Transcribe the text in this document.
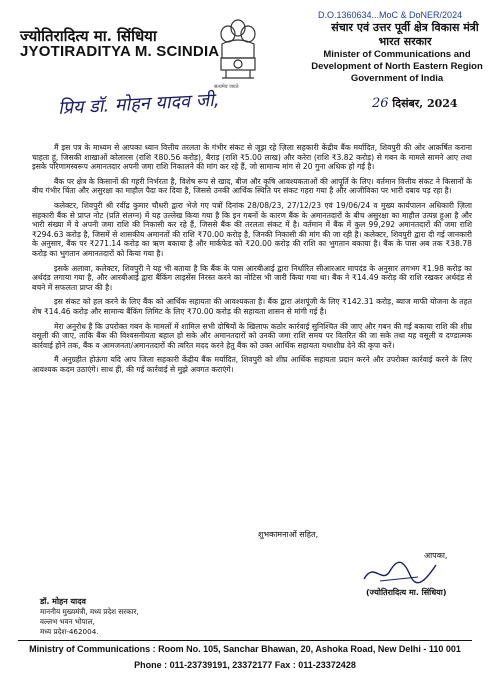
ज्योतिरादित्य मा. सिंधिया
JYOTIRADITYA M. SCINDIA
सत्यमेव जयते
D.O.1360634...MoC & DoNER/2024
संचार एवं उत्तर पूर्वी क्षेत्र विकास मंत्री
भारत सरकार
Minister of Communications and
Development of North Eastern Region
Government of India
प्रिय डॉ. मोहन यादव जी,	26 दिसंबर, 2024

मैं इस पत्र के माध्यम से आपका ध्यान वित्तीय तरलता के गंभीर संकट से जूझ रहे ज़िला सहकारी केंद्रीय बैंक मर्यादित, शिवपुरी की ओर आकर्षित कराना चाहता हूं, जिसकी शाखाओं कोलारस (राशि ₹80.56 करोड़), बैराड़ (राशि ₹5.00 लाख) और करेरा (राशि ₹3.82 करोड़) से गबन के मामले सामने आए तथा इसके परिणामस्वरूप अमानतदार अपनी जमा राशि निकालने की मांग कर रहे हैं, जो सामान्य मांग से 20 गुना अधिक हो गई है।

बैंक पर क्षेत्र के किसानों की गहरी निर्भरता है, विशेष रूप से खाद, बीज और कृषि आवश्यकताओं की आपूर्ति के लिए। वर्तमान वित्तीय संकट ने किसानों के बीच गंभीर चिंता और असुरक्षा का माहौल पैदा कर दिया है, जिससे उनकी आर्थिक स्थिति पर संकट गहरा गया है और आजीविका पर भारी दबाव पड़ रहा है।

कलेक्टर, शिवपुरी श्री रवींद्र कुमार चौधरी द्वारा भेजे गए पत्रों दिनांक 28/08/23, 27/12/23 एवं 19/06/24 व मुख्य कार्यपालन अधिकारी ज़िला सहकारी बैंक से प्राप्त नोट (प्रति संलग्न) में यह उल्लेख किया गया है कि इन गबनों के कारण बैंक के अमानतदारों के बीच असुरक्षा का माहौल उत्पन्न हुआ है और भारी संख्या में वे अपनी जमा राशि की निकासी कर रहे हैं, जिससे बैंक की तरलता संकट में है। वर्तमान में बैंक में कुल 99,292 अमानतदारों की जमा राशि ₹294.63 करोड़ है, जिसमें से शासकीय अमानतों की राशि ₹70.00 करोड़ है, जिनकी निकासी की मांग की जा रही है। कलेक्टर, शिवपुरी द्वारा दी गई जानकारी के अनुसार, बैंक पर ₹271.14 करोड़ का ऋण बकाया है और मार्कफेड को ₹20.00 करोड़ की राशि का भुगतान बकाया है। बैंक के पास अब तक ₹38.78 करोड़ का भुगतान अमानतदारों को किया गया है।

इसके अलावा, कलेक्टर, शिवपुरी ने यह भी बताया है कि बैंक के पास आरबीआई द्वारा निर्धारित सीआरआर मापदंड के अनुसार लगभग ₹1.98 करोड़ का अर्थदंड लगाया गया है, और आरबीआई द्वारा बैंकिंग लाइसेंस निरस्त करने का नोटिस भी जारी किया गया था। बैंक ने ₹14.49 करोड़ की राशि रखकर अर्थदंड से बचने में सफलता प्राप्त की है।

इस संकट को हल करने के लिए बैंक को आर्थिक सहायता की आवश्यकता है। बैंक द्वारा अंशपूंजी के लिए ₹142.31 करोड़, ब्याज माफी योजना के तहत शेष ₹14.46 करोड़ और सामान्य बैंकिंग लिमिट के लिए ₹70.00 करोड़ की सहायता शासन से मांगी गई है।

मेरा अनुरोध है कि उपरोक्त गबन के मामलों में शामिल सभी दोषियों के खिलाफ कठोर कार्रवाई सुनिश्चित की जाए और गबन की गई बकाया राशि की शीघ्र वसूली की जाए, ताकि बैंक की विश्वसनीयता बहाल हो सके और अमानतदारों को उनकी जमा राशि समय पर वितरित की जा सके तथा यह वसूली व दण्डात्मक कार्रवाई होने तक, बैंक व आमजनता/अमानतदारों की त्वरित मदद करने हेतु बैंक को उक्त आर्थिक सहायता यथाशीघ्र देने की कृपा करें।

मैं अनुग्रहीत होऊंगा यदि आप जिला सहकारी केंद्रीय बैंक मर्यादित, शिवपुरी को शीघ्र आर्थिक सहायता प्रदान करने और उपरोक्त कार्रवाई करने के लिए आवश्यक कदम उठाएंगे। साथ ही, की गई कार्रवाई से मुझे अवगत कराएंगे।

शुभकामनाओं सहित,
आपका,
(ज्योतिरादित्य मा. सिंधिया)
डॉ. मोहन यादव
माननीय मुख्यमंत्री, मध्य प्रदेश सरकार,
वल्लभ भवन भोपाल,
मध्य प्रदेश-462004.
Ministry of Communications : Room No. 105, Sanchar Bhawan, 20, Ashoka Road, New Delhi - 110 001
Phone : 011-23739191, 23372177 Fax : 011-23372428
